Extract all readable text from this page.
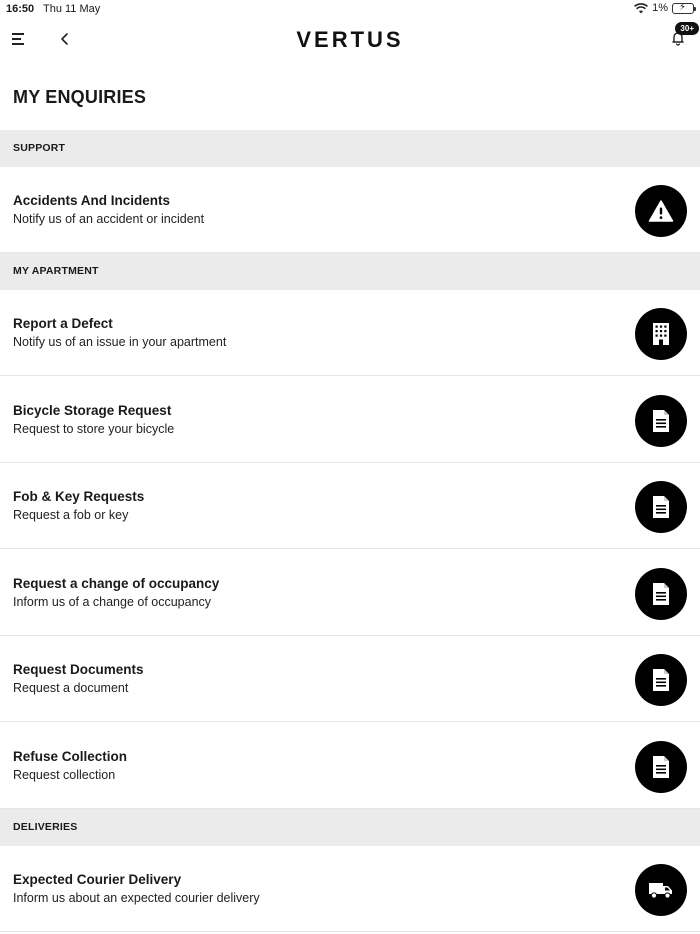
16:50 Thu 11 May	1% ⚡
VERTUS	30+
MY ENQUIRIES
SUPPORT
Accidents And Incidents
Notify us of an accident or incident
MY APARTMENT
Report a Defect
Notify us of an issue in your apartment
Bicycle Storage Request
Request to store your bicycle
Fob & Key Requests
Request a fob or key
Request a change of occupancy
Inform us of a change of occupancy
Request Documents
Request a document
Refuse Collection
Request collection
DELIVERIES
Expected Courier Delivery
Inform us about an expected courier delivery
